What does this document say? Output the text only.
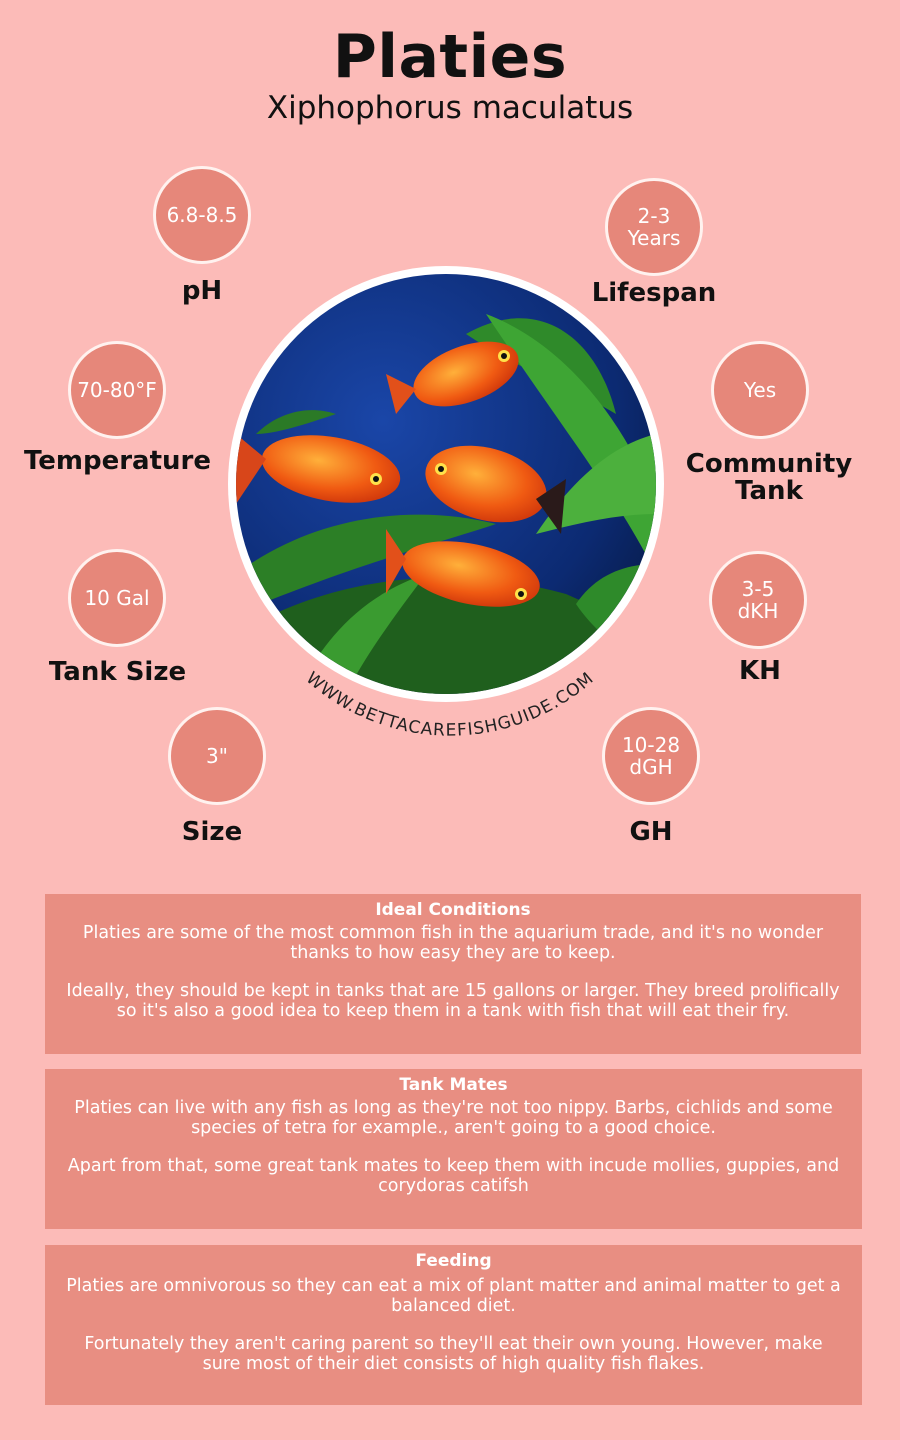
Platies
Xiphophorus maculatus
6.8-8.5
pH
70-80°F
Temperature
10 Gal
Tank Size
3"
Size
2-3 Years
Lifespan
Yes
Community Tank
3-5 dKH
KH
10-28 dGH
GH
WWW.BETTACAREFISHGUIDE.COM
Ideal Conditions

Platies are some of the most common fish in the aquarium trade, and it's no wonder thanks to how easy they are to keep.

Ideally, they should be kept in tanks that are 15 gallons or larger. They breed prolifically so it's also a good idea to keep them in a tank with fish that will eat their fry.

Tank Mates

Platies can live with any fish as long as they're not too nippy. Barbs, cichlids and some species of tetra for example., aren't going to a good choice.

Apart from that, some great tank mates to keep them with incude mollies, guppies, and corydoras catifsh

Feeding

Platies are omnivorous so they can eat a mix of plant matter and animal matter to get a balanced diet.

Fortunately they aren't caring parent so they'll eat their own young. However, make sure most of their diet consists of high quality fish flakes.
